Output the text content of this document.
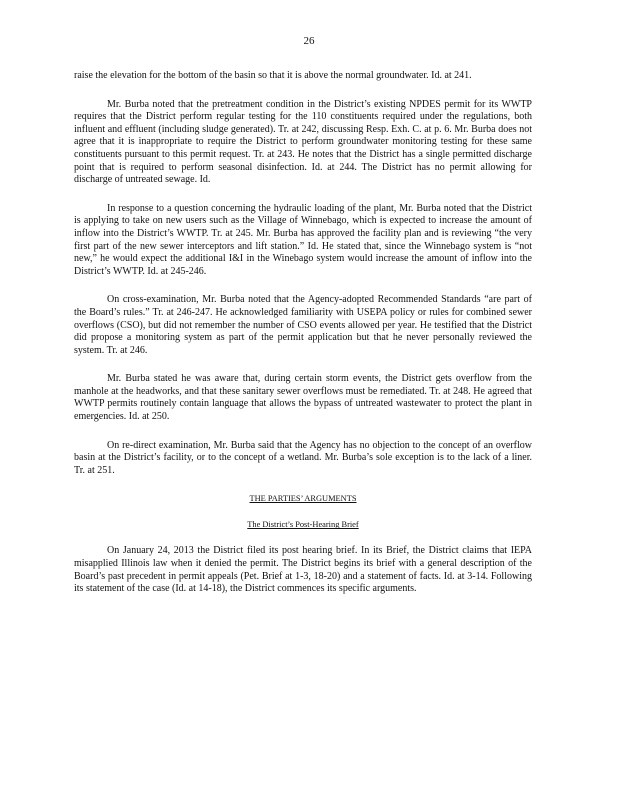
26

raise the elevation for the bottom of the basin so that it is above the normal groundwater. Id. at 241.

Mr. Burba noted that the pretreatment condition in the District’s existing NPDES permit for its WWTP requires that the District perform regular testing for the 110 constituents required under the regulations, both influent and effluent (including sludge generated). Tr. at 242, discussing Resp. Exh. C. at p. 6. Mr. Burba does not agree that it is inappropriate to require the District to perform groundwater monitoring testing for these same constituents pursuant to this permit request. Tr. at 243. He notes that the District has a single permitted discharge point that is required to perform seasonal disinfection. Id. at 244. The District has no permit allowing for discharge of untreated sewage. Id.

In response to a question concerning the hydraulic loading of the plant, Mr. Burba noted that the District is applying to take on new users such as the Village of Winnebago, which is expected to increase the amount of inflow into the District’s WWTP. Tr. at 245. Mr. Burba has approved the facility plan and is reviewing “the very first part of the new sewer interceptors and lift station.” Id. He stated that, since the Winnebago system is “not new,” he would expect the additional I&I in the Winebago system would increase the amount of inflow into the District’s WWTP. Id. at 245-246.

On cross-examination, Mr. Burba noted that the Agency-adopted Recommended Standards “are part of the Board’s rules.” Tr. at 246-247. He acknowledged familiarity with USEPA policy or rules for combined sewer overflows (CSO), but did not remember the number of CSO events allowed per year. He testified that the District did propose a monitoring system as part of the permit application but that he never personally reviewed the system. Tr. at 246.

Mr. Burba stated he was aware that, during certain storm events, the District gets overflow from the manhole at the headworks, and that these sanitary sewer overflows must be remediated. Tr. at 248. He agreed that WWTP permits routinely contain language that allows the bypass of untreated wastewater to protect the plant in emergencies. Id. at 250.

On re-direct examination, Mr. Burba said that the Agency has no objection to the concept of an overflow basin at the District’s facility, or to the concept of a wetland. Mr. Burba’s sole exception is to the lack of a liner. Tr. at 251.

THE PARTIES’ ARGUMENTS
The District’s Post-Hearing Brief

On January 24, 2013 the District filed its post hearing brief. In its Brief, the District claims that IEPA misapplied Illinois law when it denied the permit. The District begins its brief with a general description of the Board’s past precedent in permit appeals (Pet. Brief at 1-3, 18-20) and a statement of facts. Id. at 3-14. Following its statement of the case (Id. at 14-18), the District commences its specific arguments.
